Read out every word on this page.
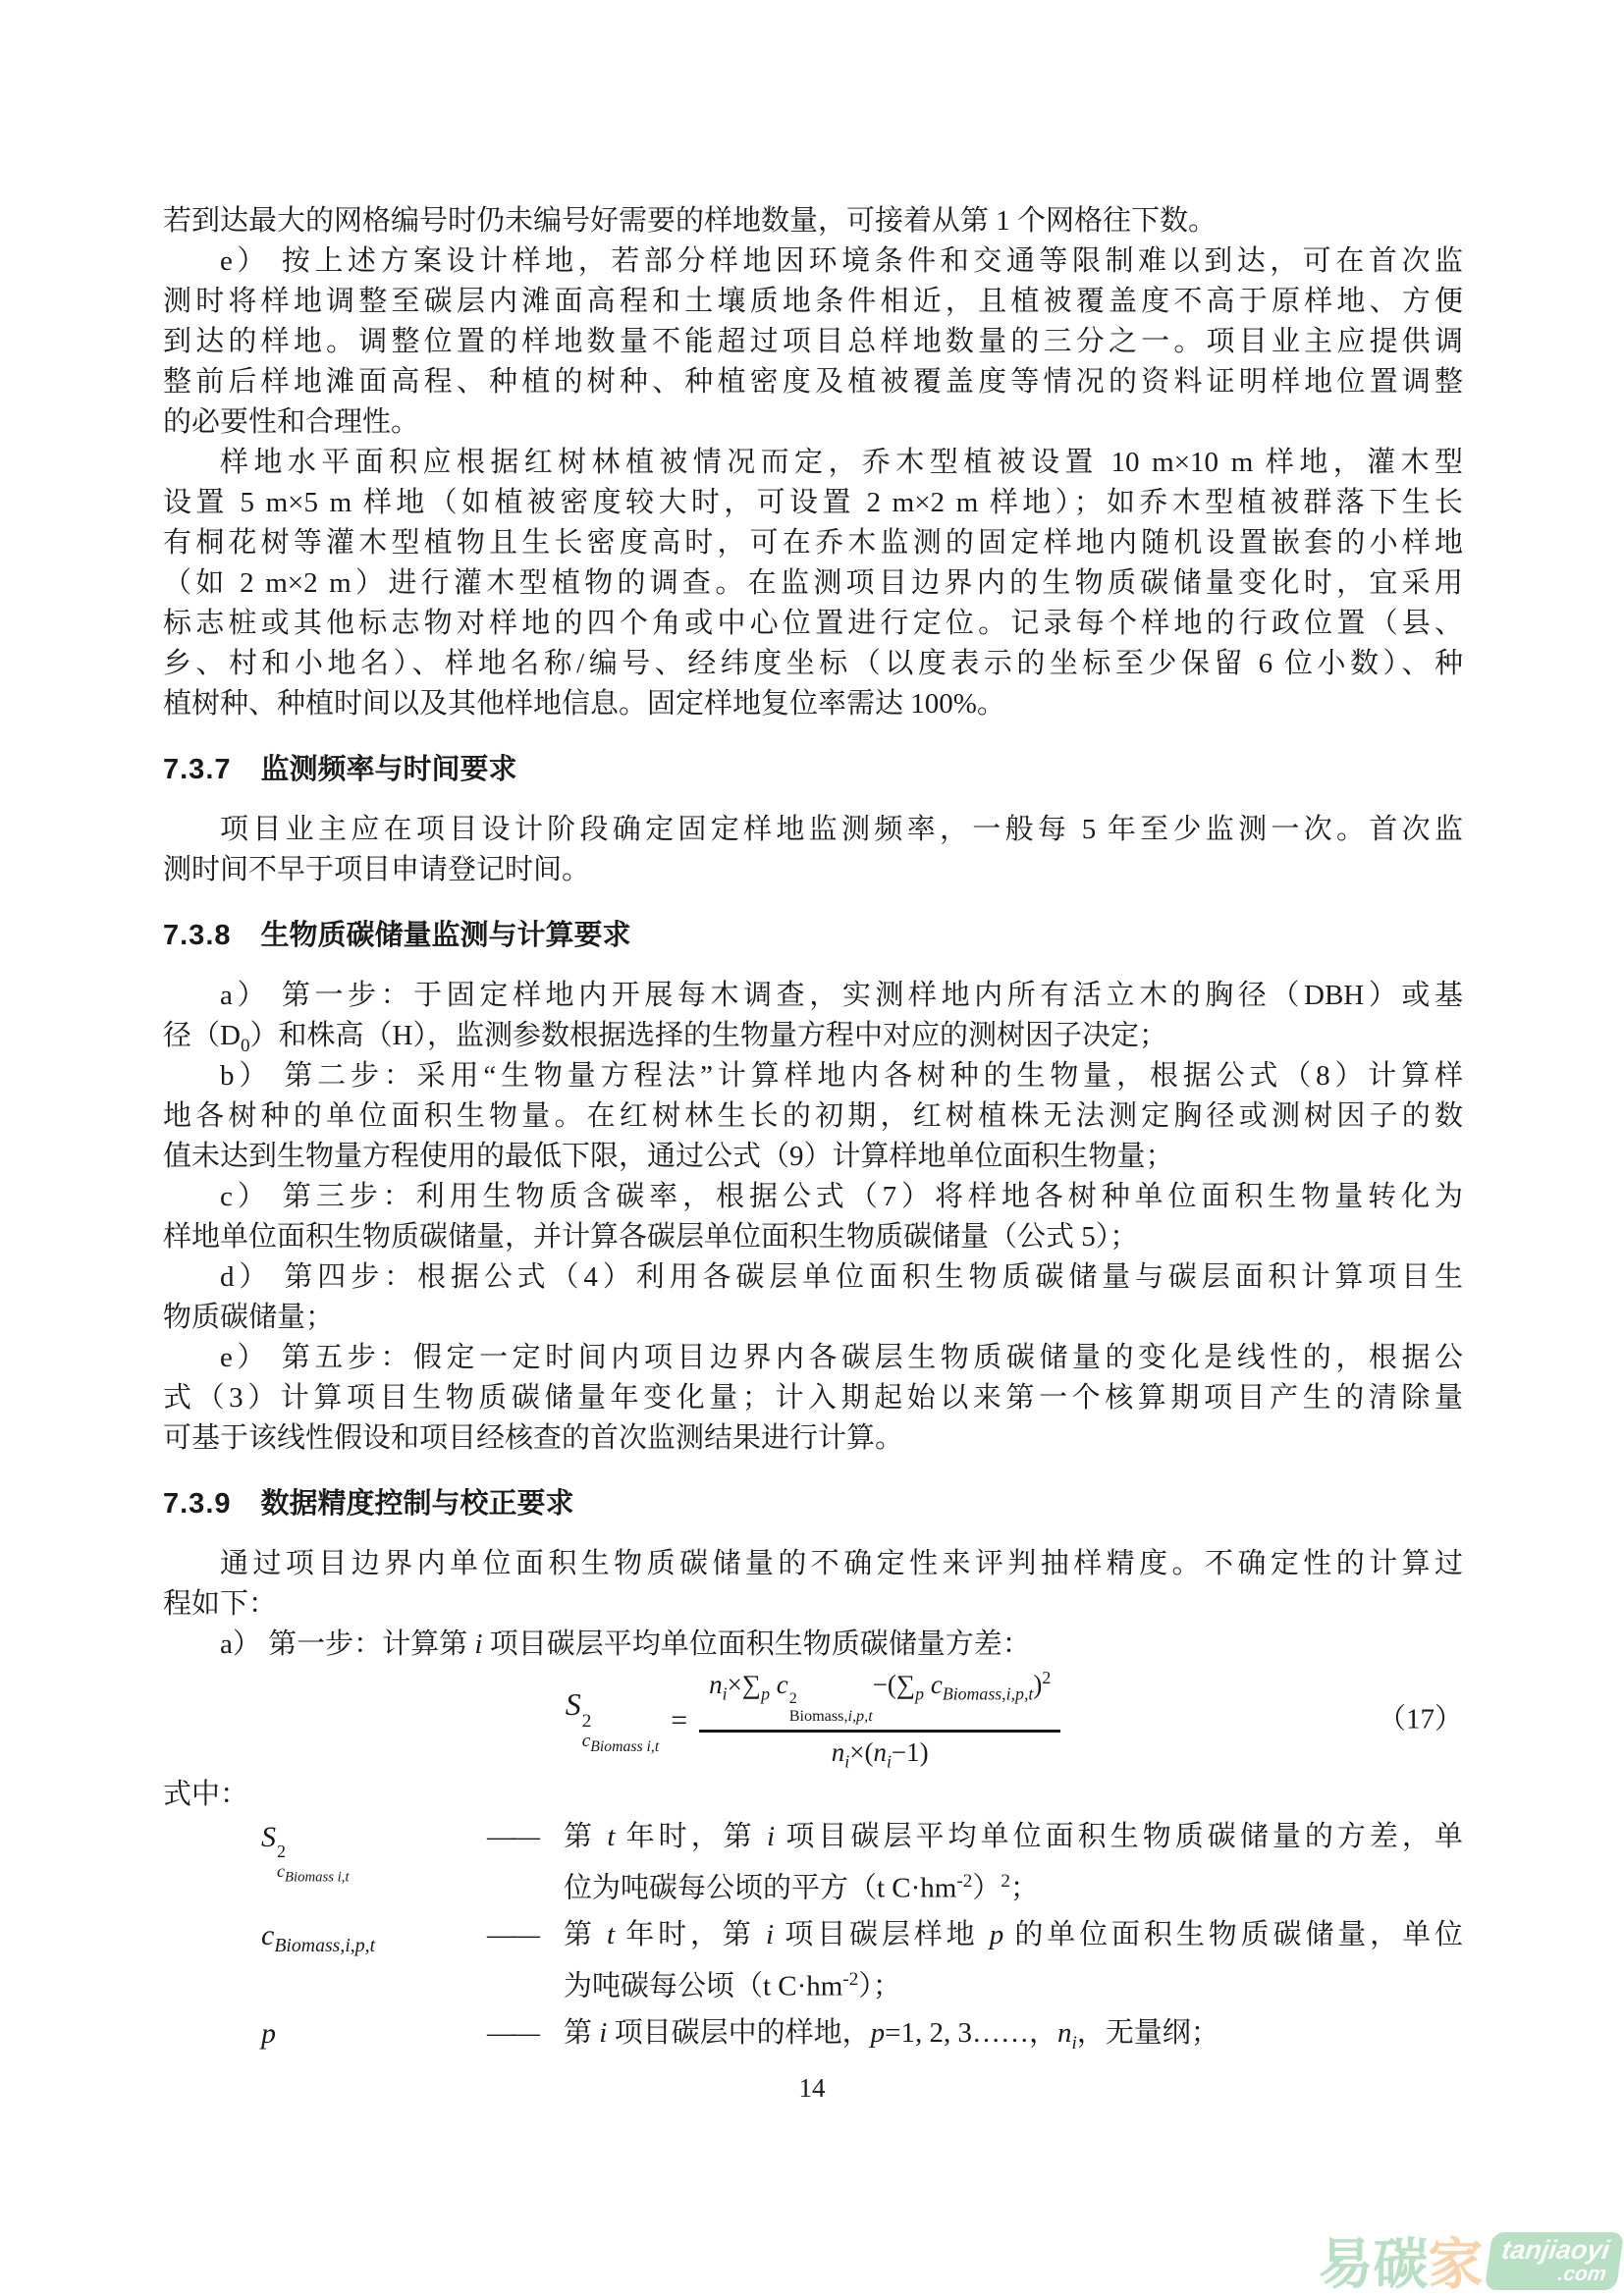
若到达最大的网格编号时仍未编号好需要的样地数量，可接着从第 1 个网格往下数。
e） 按上述方案设计样地，若部分样地因环境条件和交通等限制难以到达，可在首次监
测时将样地调整至碳层内滩面高程和土壤质地条件相近，且植被覆盖度不高于原样地、方便
到达的样地。调整位置的样地数量不能超过项目总样地数量的三分之一。项目业主应提供调
整前后样地滩面高程、种植的树种、种植密度及植被覆盖度等情况的资料证明样地位置调整
的必要性和合理性。
样地水平面积应根据红树林植被情况而定，乔木型植被设置 10 m×10 m 样地，灌木型
设置 5 m×5 m 样地（如植被密度较大时，可设置 2 m×2 m 样地）；如乔木型植被群落下生长
有桐花树等灌木型植物且生长密度高时，可在乔木监测的固定样地内随机设置嵌套的小样地
（如 2 m×2 m）进行灌木型植物的调查。在监测项目边界内的生物质碳储量变化时，宜采用
标志桩或其他标志物对样地的四个角或中心位置进行定位。记录每个样地的行政位置（县、
乡、村和小地名）、样地名称/编号、经纬度坐标（以度表示的坐标至少保留 6 位小数）、种
植树种、种植时间以及其他样地信息。固定样地复位率需达 100%。
7.3.7 监测频率与时间要求
项目业主应在项目设计阶段确定固定样地监测频率，一般每 5 年至少监测一次。首次监
测时间不早于项目申请登记时间。
7.3.8 生物质碳储量监测与计算要求
a） 第一步：于固定样地内开展每木调查，实测样地内所有活立木的胸径（DBH）或基
径$(D_0)$和株高（H），监测参数根据选择的生物量方程中对应的测树因子决定；
b） 第二步：采用“生物量方程法”计算样地内各树种的生物量，根据公式（8）计算样
地各树种的单位面积生物量。在红树林生长的初期，红树植株无法测定胸径或测树因子的数
值未达到生物量方程使用的最低下限，通过公式（9）计算样地单位面积生物量；
c） 第三步：利用生物质含碳率，根据公式（7）将样地各树种单位面积生物量转化为
样地单位面积生物质碳储量，并计算各碳层单位面积生物质碳储量（公式 5）；
d） 第四步：根据公式（4）利用各碳层单位面积生物质碳储量与碳层面积计算项目生
物质碳储量；
e） 第五步：假定一定时间内项目边界内各碳层生物质碳储量的变化是线性的，根据公
式（3）计算项目生物质碳储量年变化量；计入期起始以来第一个核算期项目产生的清除量
可基于该线性假设和项目经核查的首次监测结果进行计算。
7.3.9 数据精度控制与校正要求
通过项目边界内单位面积生物质碳储量的不确定性来评判抽样精度。不确定性的计算过
程如下：
a） 第一步：计算第 i 项目碳层平均单位面积生物质碳储量方差：
S 2
$c_{Biomass i,t}$
= $n_i\times\sum_p$ c 2
Biomass,i,p,t
$-(\sum_p$ $c_{Biomass,i,p,t})^2$
$n_i\times(n_i-1)$	（17）
式中：
S 2
$c_{Biomass i,t}$
—— 第 t 年时，第 i 项目碳层平均单位面积生物质碳储量的方差，单
位为吨碳每公顷的平方（t $C\cdot hm^{-2})^2$；
$c_{Biomass,i,p,t}$	—— 第 t 年时，第 i 项目碳层样地 p 的单位面积生物质碳储量，单位
为吨碳每公顷（t $C\cdot hm^{-2}$）；
p	—— 第 i 项目碳层中的样地，p=1, 2, 3……，$n_i$，无量纲；
14
易 碳 家 tanjiaoyi
.com
